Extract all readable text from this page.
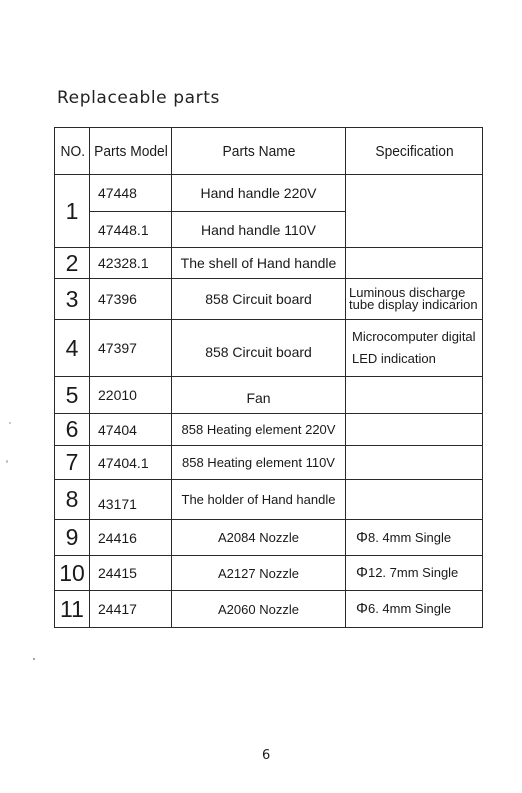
Replaceable parts
NO.	Parts Model	Parts Name	Specification
1	47448	Hand handle 220V	
	47448.1	Hand handle 110V	
2	42328.1	The shell of Hand handle	
3	47396	858 Circuit board	Luminous discharge
tube display indicarion

4	47397	858 Circuit board	Microcomputer digital
LED indication

5	22010	Fan	
6	47404	858 Heating element 220V	
7	47404.1	858 Heating element 110V	
8	43171	The holder of Hand handle	
9	24416	A2084 Nozzle	Φ8. 4mm Single
10	24415	A2127 Nozzle	Φ12. 7mm Single
11	24417	A2060 Nozzle	Φ6. 4mm Single
6
